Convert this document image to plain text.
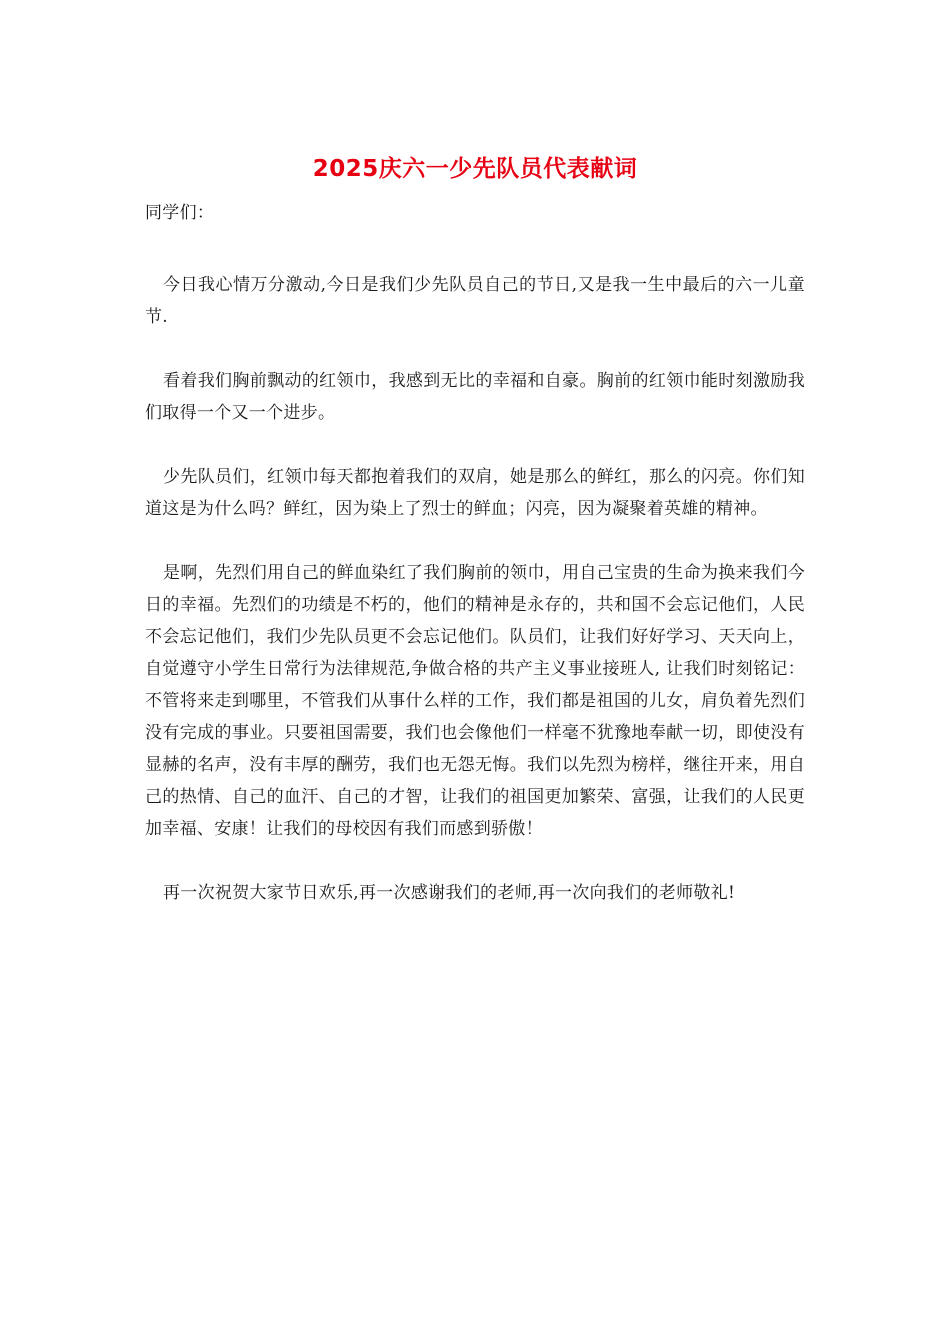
2025庆六一少先队员代表献词

同学们：

今日我心情万分激动,今日是我们少先队员自己的节日,又是我一生中最后的六一儿童节.

看着我们胸前飘动的红领巾，我感到无比的幸福和自豪。胸前的红领巾能时刻激励我们取得一个又一个进步。

少先队员们，红领巾每天都抱着我们的双肩，她是那么的鲜红，那么的闪亮。你们知道这是为什么吗？鲜红，因为染上了烈士的鲜血；闪亮，因为凝聚着英雄的精神。

是啊，先烈们用自己的鲜血染红了我们胸前的领巾，用自己宝贵的生命为换来我们今日的幸福。先烈们的功绩是不朽的，他们的精神是永存的，共和国不会忘记他们，人民不会忘记他们，我们少先队员更不会忘记他们。队员们，让我们好好学习、天天向上，自觉遵守小学生日常行为法律规范,争做合格的共产主义事业接班人, 让我们时刻铭记：不管将来走到哪里，不管我们从事什么样的工作，我们都是祖国的儿女，肩负着先烈们没有完成的事业。只要祖国需要，我们也会像他们一样毫不犹豫地奉献一切，即使没有显赫的名声，没有丰厚的酬劳，我们也无怨无悔。我们以先烈为榜样，继往开来，用自己的热情、自己的血汗、自己的才智，让我们的祖国更加繁荣、富强，让我们的人民更加幸福、安康！让我们的母校因有我们而感到骄傲！

再一次祝贺大家节日欢乐,再一次感谢我们的老师,再一次向我们的老师敬礼!
